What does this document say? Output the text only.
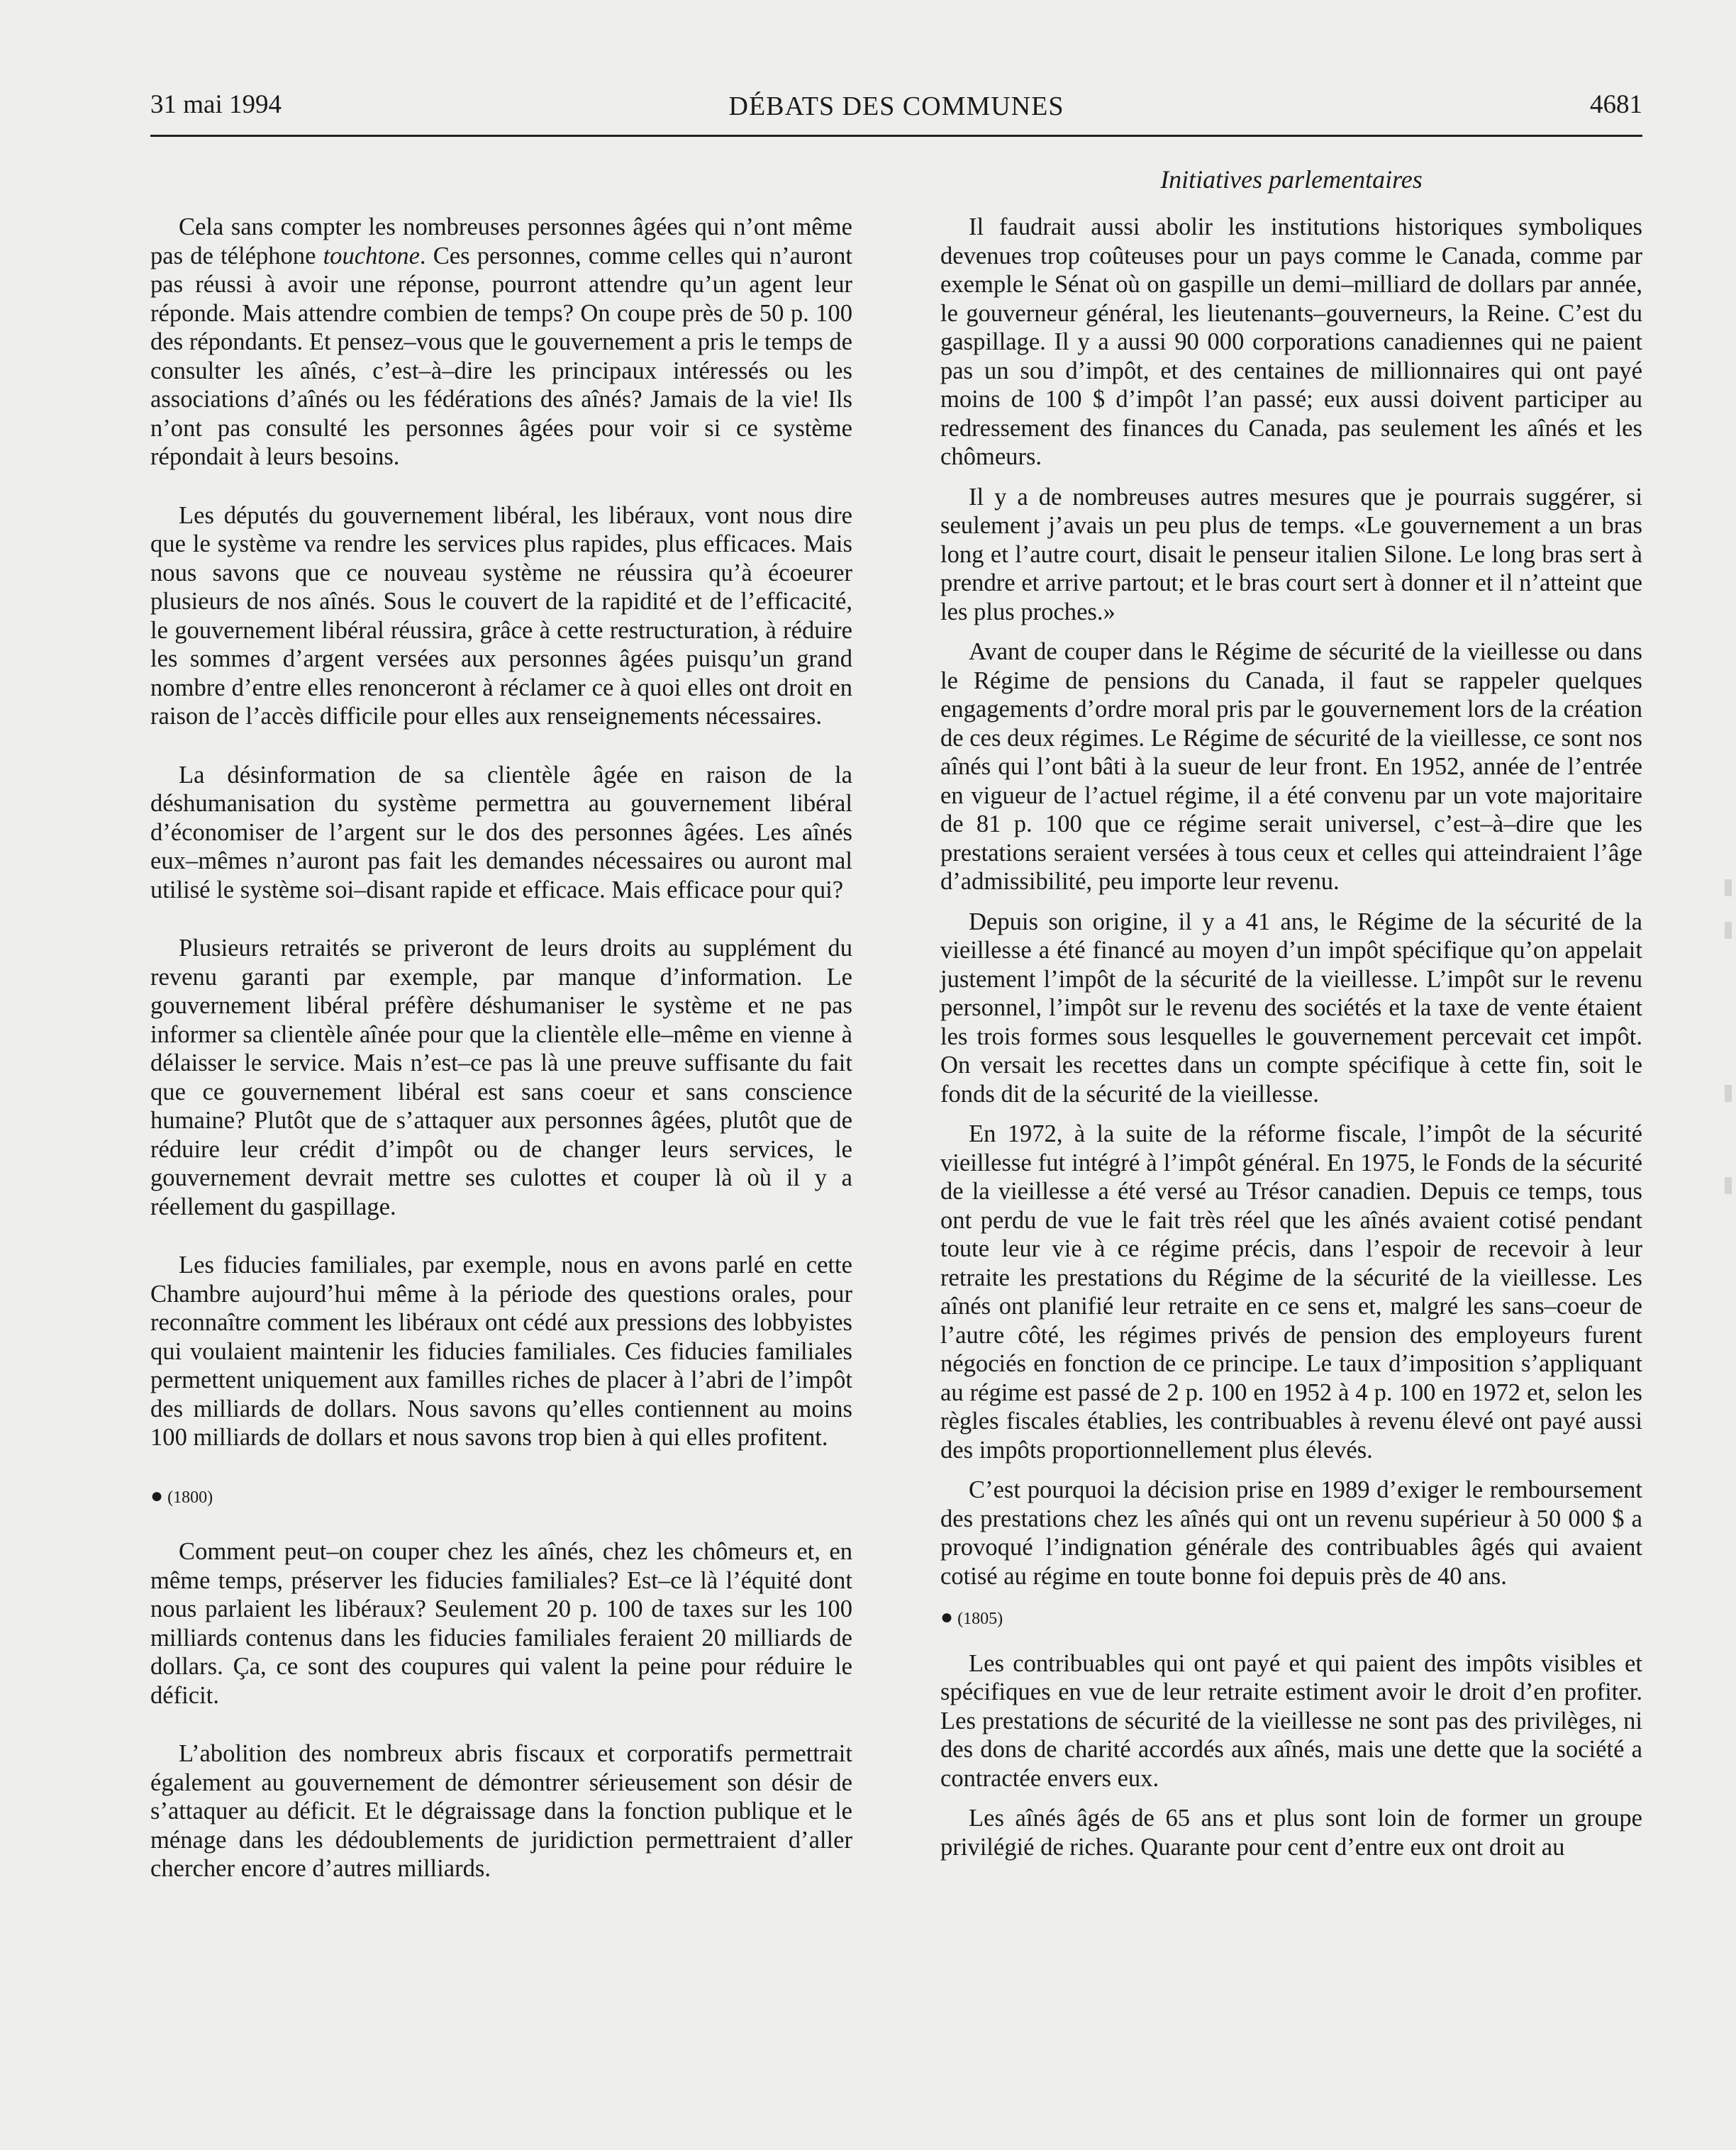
31 mai 1994	DÉBATS DES COMMUNES	4681
Initiatives parlementaires

Cela sans compter les nombreuses personnes âgées qui n’ont même pas de téléphone touchtone. Ces personnes, comme celles qui n’auront pas réussi à avoir une réponse, pourront attendre qu’un agent leur réponde. Mais attendre combien de temps? On coupe près de 50 p. 100 des répondants. Et pensez–vous que le gouvernement a pris le temps de consulter les aînés, c’est–à–dire les principaux intéressés ou les associations d’aînés ou les fédérations des aînés? Jamais de la vie! Ils n’ont pas consulté les personnes âgées pour voir si ce système répondait à leurs besoins.

Les députés du gouvernement libéral, les libéraux, vont nous dire que le système va rendre les services plus rapides, plus efficaces. Mais nous savons que ce nouveau système ne réussira qu’à écoeurer plusieurs de nos aînés. Sous le couvert de la rapidité et de l’efficacité, le gouvernement libéral réussira, grâce à cette restructuration, à réduire les sommes d’argent versées aux personnes âgées puisqu’un grand nombre d’entre elles renonceront à réclamer ce à quoi elles ont droit en raison de l’accès difficile pour elles aux renseignements nécessaires.

La désinformation de sa clientèle âgée en raison de la déshumanisation du système permettra au gouvernement libéral d’économiser de l’argent sur le dos des personnes âgées. Les aînés eux–mêmes n’auront pas fait les demandes nécessaires ou auront mal utilisé le système soi–disant rapide et efficace. Mais efficace pour qui?

Plusieurs retraités se priveront de leurs droits au supplément du revenu garanti par exemple, par manque d’information. Le gouvernement libéral préfère déshumaniser le système et ne pas informer sa clientèle aînée pour que la clientèle elle–même en vienne à délaisser le service. Mais n’est–ce pas là une preuve suffisante du fait que ce gouvernement libéral est sans coeur et sans conscience humaine? Plutôt que de s’attaquer aux personnes âgées, plutôt que de réduire leur crédit d’impôt ou de changer leurs services, le gouvernement devrait mettre ses culottes et couper là où il y a réellement du gaspillage.

Les fiducies familiales, par exemple, nous en avons parlé en cette Chambre aujourd’hui même à la période des questions orales, pour reconnaître comment les libéraux ont cédé aux pressions des lobbyistes qui voulaient maintenir les fiducies familiales. Ces fiducies familiales permettent uniquement aux familles riches de placer à l’abri de l’impôt des milliards de dollars. Nous savons qu’elles contiennent au moins 100 milliards de dollars et nous savons trop bien à qui elles profitent.

● (1800)

Comment peut–on couper chez les aînés, chez les chômeurs et, en même temps, préserver les fiducies familiales? Est–ce là l’équité dont nous parlaient les libéraux? Seulement 20 p. 100 de taxes sur les 100 milliards contenus dans les fiducies familiales feraient 20 milliards de dollars. Ça, ce sont des coupures qui valent la peine pour réduire le déficit.

L’abolition des nombreux abris fiscaux et corporatifs permettrait également au gouvernement de démontrer sérieusement son désir de s’attaquer au déficit. Et le dégraissage dans la fonction publique et le ménage dans les dédoublements de juridiction permettraient d’aller chercher encore d’autres milliards.

Il faudrait aussi abolir les institutions historiques symboliques devenues trop coûteuses pour un pays comme le Canada, comme par exemple le Sénat où on gaspille un demi–milliard de dollars par année, le gouverneur général, les lieutenants–gouverneurs, la Reine. C’est du gaspillage. Il y a aussi 90 000 corporations canadiennes qui ne paient pas un sou d’impôt, et des centaines de millionnaires qui ont payé moins de 100 $ d’impôt l’an passé; eux aussi doivent participer au redressement des finances du Canada, pas seulement les aînés et les chômeurs.

Il y a de nombreuses autres mesures que je pourrais suggérer, si seulement j’avais un peu plus de temps. «Le gouvernement a un bras long et l’autre court, disait le penseur italien Silone. Le long bras sert à prendre et arrive partout; et le bras court sert à donner et il n’atteint que les plus proches.»

Avant de couper dans le Régime de sécurité de la vieillesse ou dans le Régime de pensions du Canada, il faut se rappeler quelques engagements d’ordre moral pris par le gouvernement lors de la création de ces deux régimes. Le Régime de sécurité de la vieillesse, ce sont nos aînés qui l’ont bâti à la sueur de leur front. En 1952, année de l’entrée en vigueur de l’actuel régime, il a été convenu par un vote majoritaire de 81 p. 100 que ce régime serait universel, c’est–à–dire que les prestations seraient versées à tous ceux et celles qui atteindraient l’âge d’admissibilité, peu importe leur revenu.

Depuis son origine, il y a 41 ans, le Régime de la sécurité de la vieillesse a été financé au moyen d’un impôt spécifique qu’on appelait justement l’impôt de la sécurité de la vieillesse. L’impôt sur le revenu personnel, l’impôt sur le revenu des sociétés et la taxe de vente étaient les trois formes sous lesquelles le gouvernement percevait cet impôt. On versait les recettes dans un compte spécifique à cette fin, soit le fonds dit de la sécurité de la vieillesse.

En 1972, à la suite de la réforme fiscale, l’impôt de la sécurité vieillesse fut intégré à l’impôt général. En 1975, le Fonds de la sécurité de la vieillesse a été versé au Trésor canadien. Depuis ce temps, tous ont perdu de vue le fait très réel que les aînés avaient cotisé pendant toute leur vie à ce régime précis, dans l’espoir de recevoir à leur retraite les prestations du Régime de la sécurité de la vieillesse. Les aînés ont planifié leur retraite en ce sens et, malgré les sans–coeur de l’autre côté, les régimes privés de pension des employeurs furent négociés en fonction de ce principe. Le taux d’imposition s’appliquant au régime est passé de 2 p. 100 en 1952 à 4 p. 100 en 1972 et, selon les règles fiscales établies, les contribuables à revenu élevé ont payé aussi des impôts proportionnellement plus élevés.

C’est pourquoi la décision prise en 1989 d’exiger le remboursement des prestations chez les aînés qui ont un revenu supérieur à 50 000 $ a provoqué l’indignation générale des contribuables âgés qui avaient cotisé au régime en toute bonne foi depuis près de 40 ans.

● (1805)

Les contribuables qui ont payé et qui paient des impôts visibles et spécifiques en vue de leur retraite estiment avoir le droit d’en profiter. Les prestations de sécurité de la vieillesse ne sont pas des privilèges, ni des dons de charité accordés aux aînés, mais une dette que la société a contractée envers eux.

Les aînés âgés de 65 ans et plus sont loin de former un groupe privilégié de riches. Quarante pour cent d’entre eux ont droit au
